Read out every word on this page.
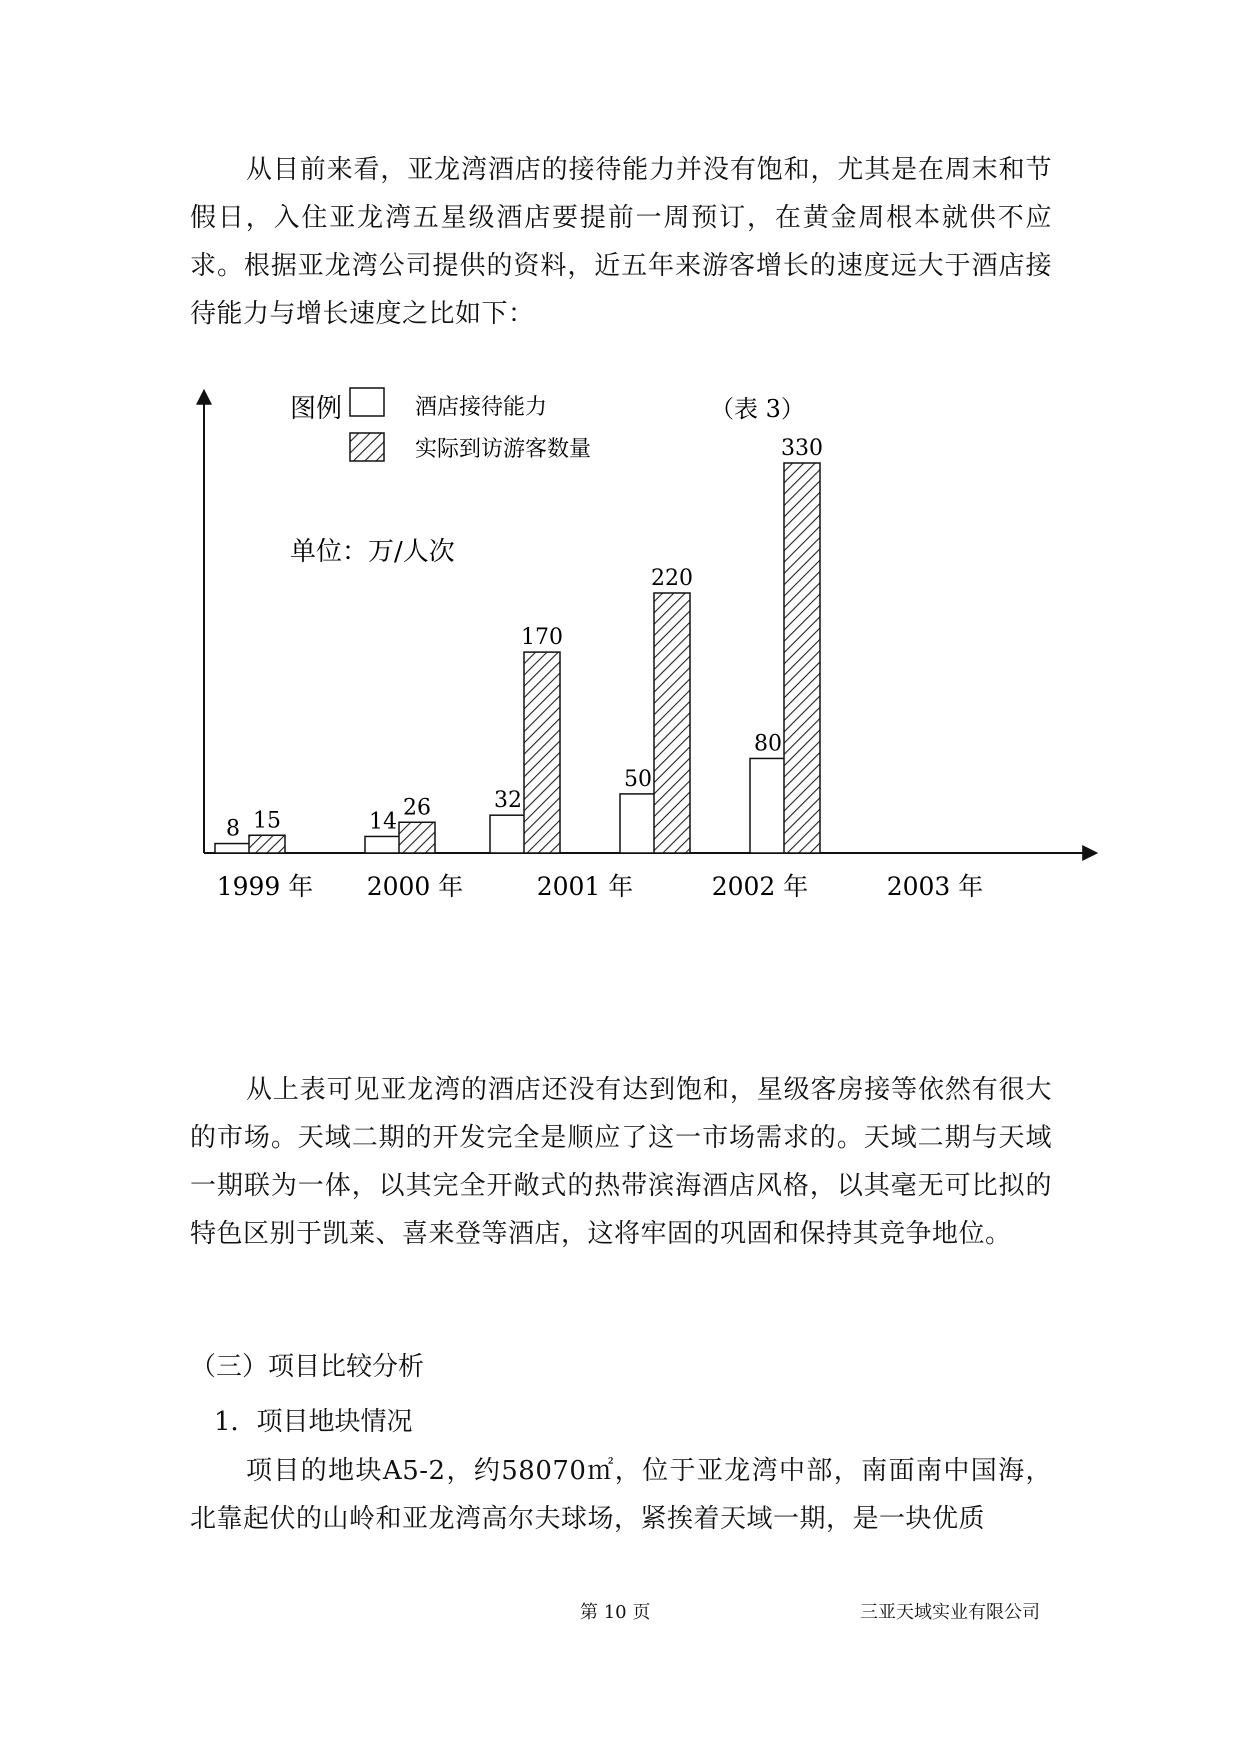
从目前来看，亚龙湾酒店的接待能力并没有饱和，尤其是在周末和节假日，入住亚龙湾五星级酒店要提前一周预订，在黄金周根本就供不应求。根据亚龙湾公司提供的资料，近五年来游客增长的速度远大于酒店接待能力与增长速度之比如下：

图例	酒店接待能力
实际到访游客数量
（表 3）
单位：万/人次
8 15	14
26	32
170
50
220
80
330
1999 年 2000 年	2001 年	2002 年	2003 年

从上表可见亚龙湾的酒店还没有达到饱和，星级客房接等依然有很大的市场。天域二期的开发完全是顺应了这一市场需求的。天域二期与天域一期联为一体，以其完全开敞式的热带滨海酒店风格，以其毫无可比拟的特色区别于凯莱、喜来登等酒店，这将牢固的巩固和保持其竞争地位。

（三）项目比较分析

1．项目地块情况

项目的地块A5-2，约58070㎡，位于亚龙湾中部，南面南中国海，北靠起伏的山岭和亚龙湾高尔夫球场，紧挨着天域一期，是一块优质

第 10 页	三亚天域实业有限公司
